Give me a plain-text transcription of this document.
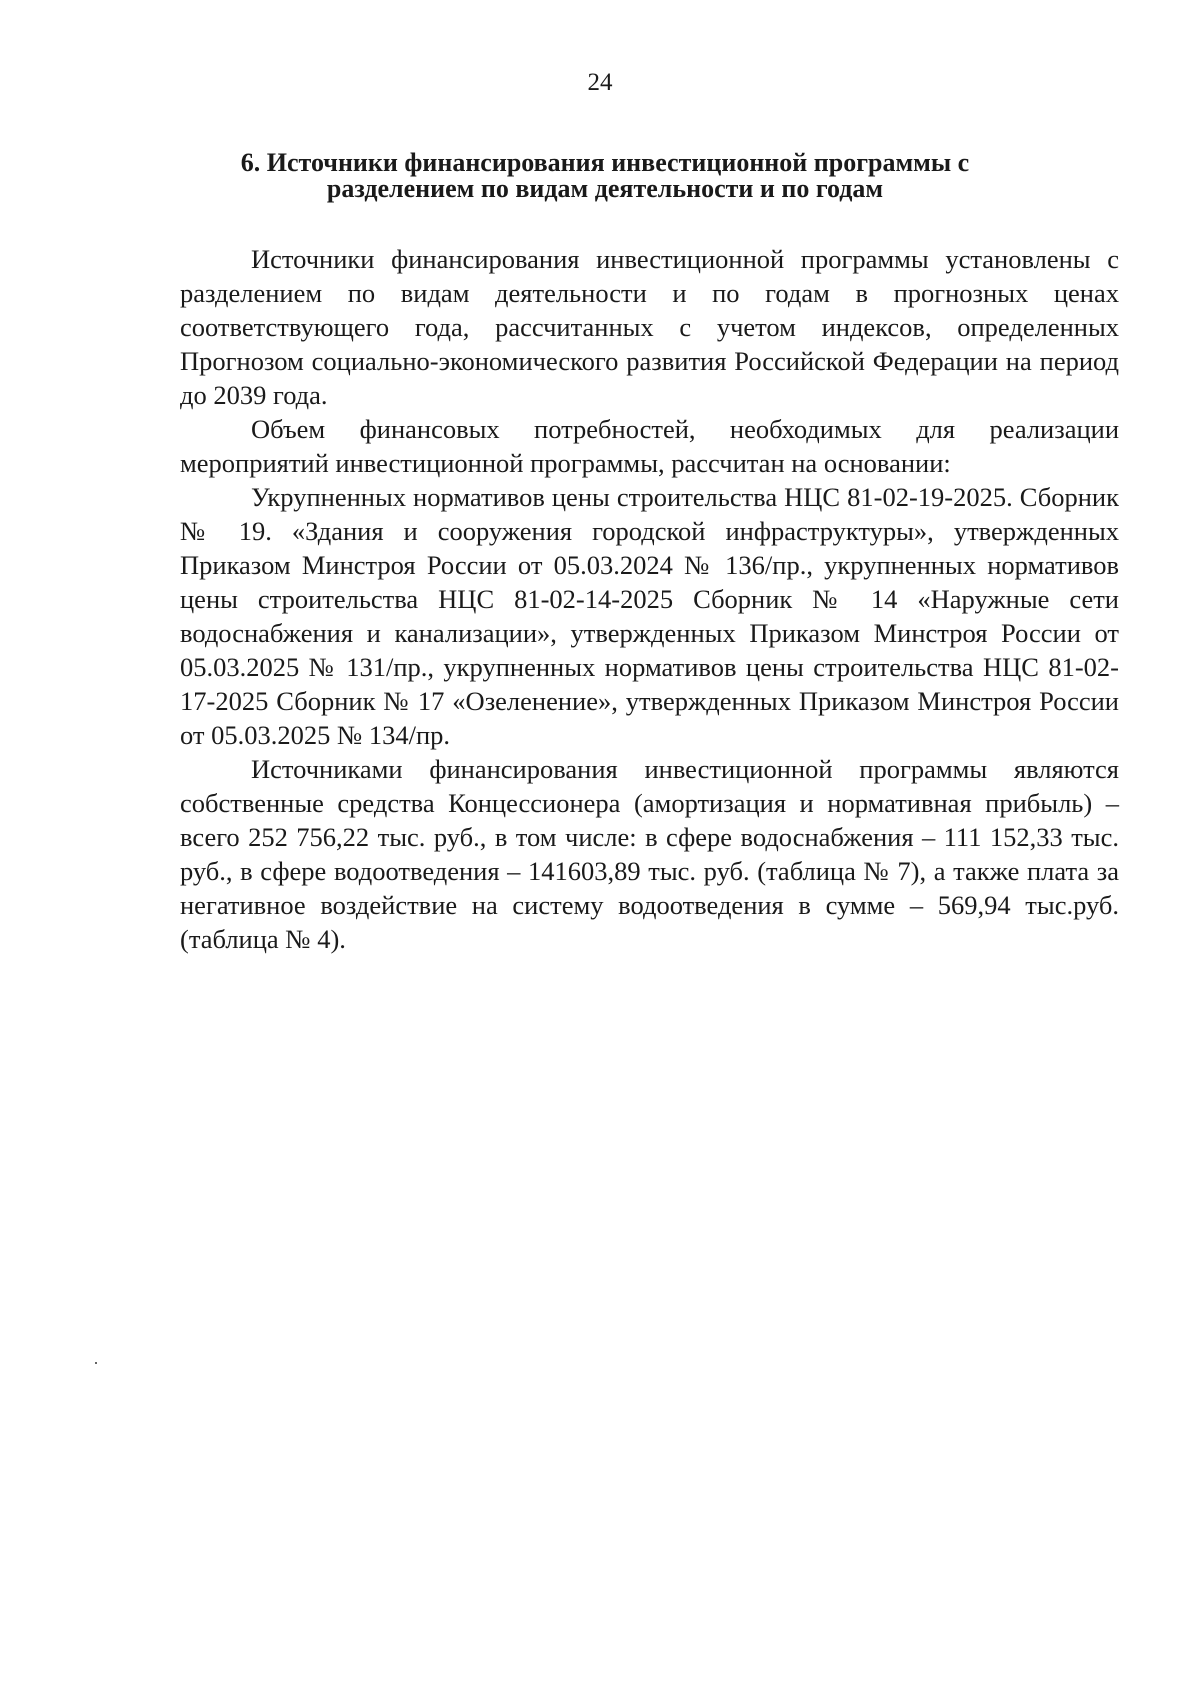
24
6. Источники финансирования инвестиционной программы с
разделением по видам деятельности и по годам

Источники финансирования инвестиционной программы установлены с разделением по видам деятельности и по годам в прогнозных ценах соответствующего года, рассчитанных с учетом индексов, определенных Прогнозом социально-экономического развития Российской Федерации на период до 2039 года.

Объем финансовых потребностей, необходимых для реализации мероприятий инвестиционной программы, рассчитан на основании:

Укрупненных нормативов цены строительства НЦС 81-02-19-2025. Сборник № 19. «Здания и сооружения городской инфраструктуры», утвержденных Приказом Минстроя России от 05.03.2024 № 136/пр., укрупненных нормативов цены строительства НЦС 81-02-14-2025 Сборник № 14 «Наружные сети водоснабжения и канализации», утвержденных Приказом Минстроя России от 05.03.2025 № 131/пр., укрупненных нормативов цены строительства НЦС 81-02-17-2025 Сборник № 17 «Озеленение», утвержденных Приказом Минстроя России от 05.03.2025 № 134/пр.

Источниками финансирования инвестиционной программы являются собственные средства Концессионера (амортизация и нормативная прибыль) – всего 252 756,22 тыс. руб., в том числе: в сфере водоснабжения – 111 152,33 тыс. руб., в сфере водоотведения – 141603,89 тыс. руб. (таблица № 7), а также плата за негативное воздействие на систему водоотведения в сумме – 569,94 тыс.руб. (таблица № 4).
